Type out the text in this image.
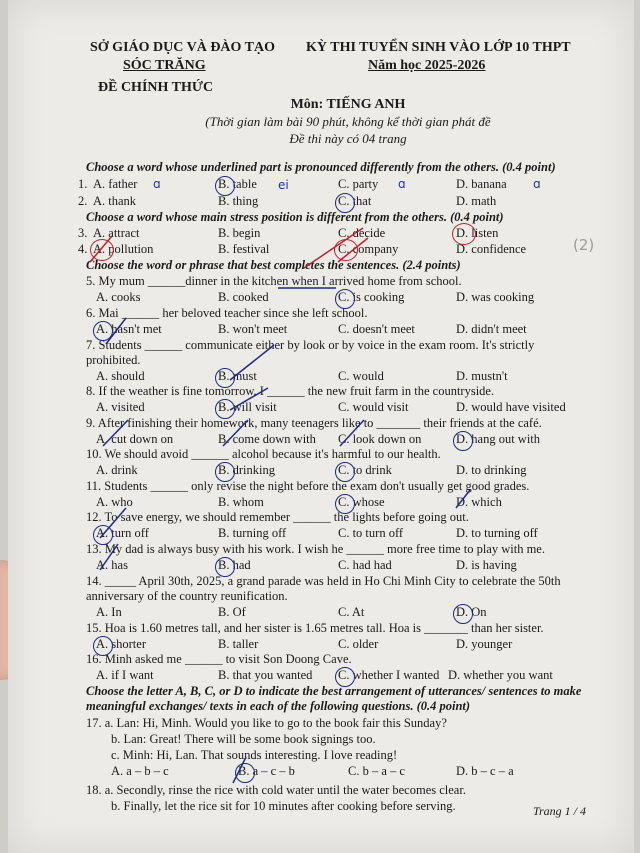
SỞ GIÁO DỤC VÀ ĐÀO TẠO
SÓC TRĂNG
ĐỀ CHÍNH THỨC
KỲ THI TUYỂN SINH VÀO LỚP 10 THPT
Năm học 2025-2026
Môn: TIẾNG ANH
(Thời gian làm bài 90 phút, không kể thời gian phát đề
Đề thi này có 04 trang
Choose a word whose underlined part is pronounced differently from the others. (0.4 point)
1. A. father	B. table	C. party	D. banana
2. A. thank	B. thing	C. that	D. math
Choose a word whose main stress position is different from the others. (0.4 point)
3. A. attract	B. begin	C. decide	D. listen
4. A. pollution	B. festival	C. company	D. confidence
Choose the word or phrase that best completes the sentences. (2.4 points)
5. My mum ______dinner in the kitchen when I arrived home from school.
A. cooks	B. cooked	C. is cooking	D. was cooking
6. Mai ______ her beloved teacher since she left school.
A. hasn't met	B. won't meet	C. doesn't meet	D. didn't meet
7. Students ______ communicate either by look or by voice in the exam room. It's strictly
prohibited.
A. should	B. must	C. would	D. mustn't
8. If the weather is fine tomorrow, I ______ the new fruit farm in the countryside.
A. visited	B. will visit	C. would visit	D. would have visited
9. After finishing their homework, many teenagers like to _______ their friends at the café.
A. cut down on	B. come down with C. look down on	D. hang out with
10. We should avoid ______ alcohol because it's harmful to our health.
A. drink	B. drinking	C. to drink	D. to drinking
11. Students ______ only revise the night before the exam don't usually get good grades.
A. who	B. whom	C. whose	D. which
12. To save energy, we should remember ______ the lights before going out.
A. turn off	B. turning off	C. to turn off	D. to turning off
13. My dad is always busy with his work. I wish he ______ more free time to play with me.
A. has	B. had	C. had had	D. is having
14. _____ April 30th, 2025, a grand parade was held in Ho Chi Minh City to celebrate the 50th
anniversary of the country reunification.
A. In	B. Of	C. At	D. On
15. Hoa is 1.60 metres tall, and her sister is 1.65 metres tall. Hoa is _______ than her sister.
A. shorter	B. taller	C. older	D. younger
16. Minh asked me ______ to visit Son Doong Cave.
A. if I want	B. that you wanted C. whether I wanted D. whether you want
Choose the letter A, B, C, or D to indicate the best arrangement of utterances/ sentences to make
meaningful exchanges/ texts in each of the following questions. (0.4 point)
17. a. Lan: Hi, Minh. Would you like to go to the book fair this Sunday?
b. Lan: Great! There will be some book signings too.
c. Minh: Hi, Lan. That sounds interesting. I love reading!
A. a – b – c	B. a – c – b	C. b – a – c	D. b – c – a
18. a. Secondly, rinse the rice with cold water until the water becomes clear.
b. Finally, let the rice sit for 10 minutes after cooking before serving.	Trang 1 / 4
ɑ	ei	ɑ	ɑ
(2)
